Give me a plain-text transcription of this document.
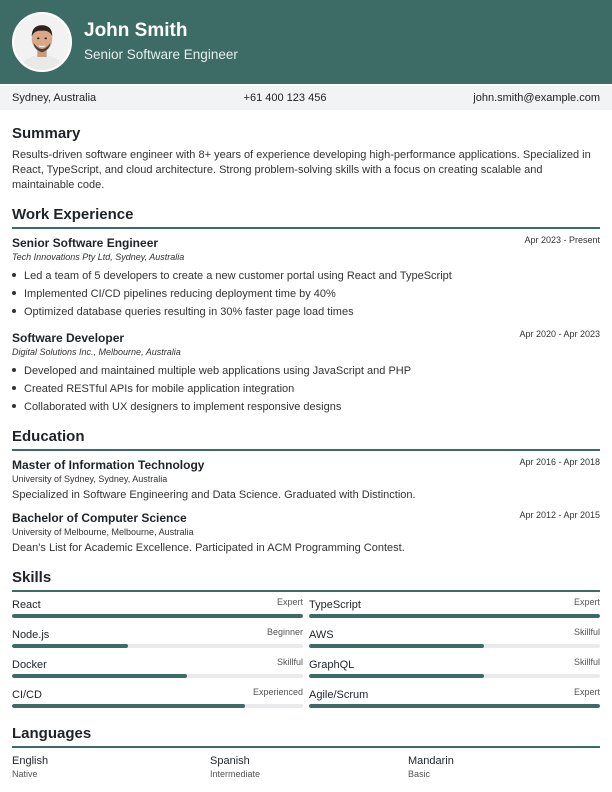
John Smith
Senior Software Engineer
Sydney, Australia	+61 400 123 456	john.smith@example.com
Summary
Results-driven software engineer with 8+ years of experience developing high-performance applications. Specialized in React, TypeScript, and cloud architecture. Strong problem-solving skills with a focus on creating scalable and maintainable code.
Work Experience
Senior Software Engineer	Apr 2023 - Present
Tech Innovations Pty Ltd, Sydney, Australia
Led a team of 5 developers to create a new customer portal using React and TypeScript
Implemented CI/CD pipelines reducing deployment time by 40%
Optimized database queries resulting in 30% faster page load times
Software Developer	Apr 2020 - Apr 2023
Digital Solutions Inc., Melbourne, Australia
Developed and maintained multiple web applications using JavaScript and PHP
Created RESTful APIs for mobile application integration
Collaborated with UX designers to implement responsive designs
Education
Master of Information Technology	Apr 2016 - Apr 2018
University of Sydney, Sydney, Australia
Specialized in Software Engineering and Data Science. Graduated with Distinction.
Bachelor of Computer Science	Apr 2012 - Apr 2015
University of Melbourne, Melbourne, Australia
Dean's List for Academic Excellence. Participated in ACM Programming Contest.
Skills
React	Expert TypeScript	Expert
Node.js	Beginner AWS	Skillful
Docker	Skillful GraphQL	Skillful
CI/CD	Experienced Agile/Scrum	Expert
Languages
English
Native
Spanish
Intermediate
Mandarin
Basic
